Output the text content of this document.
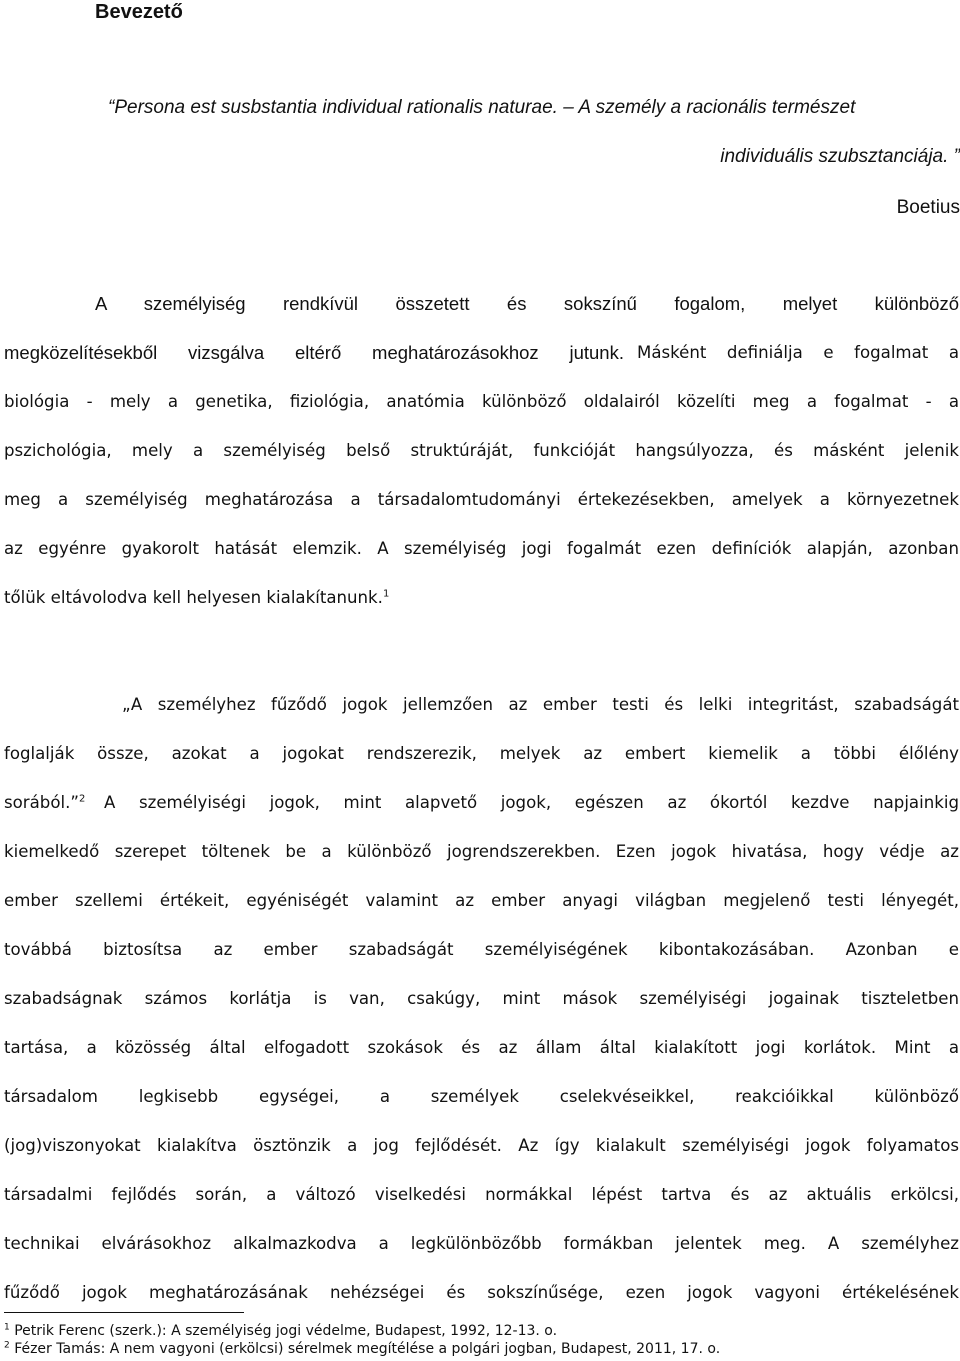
Bevezető

“Persona est susbstantia individual rationalis naturae. – A személy a racionális természet

individuális szubsztanciája. ”

Boetius

A személyiség rendkívül összetett és sokszínű fogalom, melyet különböző

megközelítésekből vizsgálva eltérő meghatározásokhoz jutunk. Másként definiálja e fogalmat a

biológia - mely a genetika, fiziológia, anatómia különböző oldalairól közelíti meg a fogalmat - a

pszichológia, mely a személyiség belső struktúráját, funkcióját hangsúlyozza, és másként jelenik

meg a személyiség meghatározása a társadalomtudományi értekezésekben, amelyek a környezetnek

az egyénre gyakorolt hatását elemzik. A személyiség jogi fogalmát ezen definíciók alapján, azonban

tőlük eltávolodva kell helyesen kialakítanunk.$^1$

„A személyhez fűződő jogok jellemzően az ember testi és lelki integritást, szabadságát

foglalják össze, azokat a jogokat rendszerezik, melyek az embert kiemelik a többi élőlény

sorából.”$^2$	A személyiségi jogok, mint alapvető jogok, egészen az ókortól kezdve napjainkig

kiemelkedő szerepet töltenek be a különböző jogrendszerekben. Ezen jogok hivatása, hogy védje az

ember szellemi értékeit, egyéniségét valamint az ember anyagi világban megjelenő testi lényegét,

továbbá biztosítsa az ember szabadságát személyiségének kibontakozásában. Azonban e

szabadságnak számos korlátja is van, csakúgy, mint mások személyiségi jogainak tiszteletben

tartása, a közösség által elfogadott szokások és az állam által kialakított jogi korlátok. Mint a

társadalom legkisebb egységei, a személyek cselekvéseikkel, reakcióikkal különböző

(jog)viszonyokat kialakítva ösztönzik a jog fejlődését. Az így kialakult személyiségi jogok folyamatos

társadalmi fejlődés során, a változó viselkedési normákkal lépést tartva és az aktuális erkölcsi,

technikai elvárásokhoz alkalmazkodva a legkülönbözőbb formákban jelentek meg. A személyhez

fűződő jogok meghatározásának nehézségei és sokszínűsége, ezen jogok vagyoni értékelésének

$^1$ Petrik Ferenc (szerk.): A személyiség jogi védelme, Budapest, 1992, 12-13. o.

$^2$ Fézer Tamás: A nem vagyoni (erkölcsi) sérelmek megítélése a polgári jogban, Budapest, 2011, 17. o.
